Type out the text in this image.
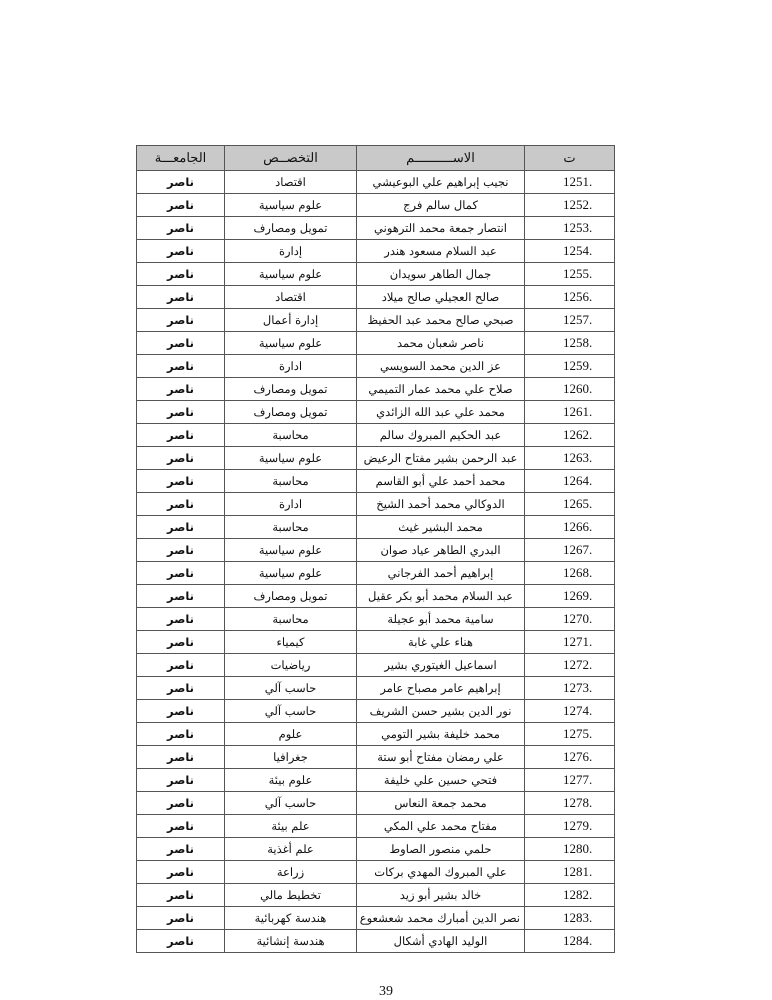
ت	الاســــــــــم	التخصــص	الجامعـــة
1251.	نجيب إبراهيم علي البوعيشي	اقتصاد	ناصر
1252.	كمال سالم فرج	علوم سياسية	ناصر
1253.	انتصار جمعة محمد الترهوني	تمويل ومصارف	ناصر
1254.	عبد السلام مسعود هندر	إدارة	ناصر
1255.	جمال الطاهر سويدان	علوم سياسية	ناصر
1256.	صالح العجيلي صالح ميلاد	اقتصاد	ناصر
1257.	صبحي صالح محمد عبد الحفيظ	إدارة أعمال	ناصر
1258.	ناصر شعبان محمد	علوم سياسية	ناصر
1259.	عز الدين محمد السويسي	ادارة	ناصر
1260.	صلاح علي محمد عمار التميمي	تمويل ومصارف	ناصر
1261.	محمد علي عبد الله الزائدي	تمويل ومصارف	ناصر
1262.	عبد الحكيم المبروك سالم	محاسبة	ناصر
1263.	عبد الرحمن بشير مفتاح الرعيض	علوم سياسية	ناصر
1264.	محمد أحمد علي أبو القاسم	محاسبة	ناصر
1265.	الدوكالي محمد أحمد الشيخ	ادارة	ناصر
1266.	محمد البشير غيث	محاسبة	ناصر
1267.	البدري الطاهر عياد صوان	علوم سياسية	ناصر
1268.	إبراهيم أحمد الفرجاني	علوم سياسية	ناصر
1269.	عبد السلام محمد أبو بكر عقيل	تمويل ومصارف	ناصر
1270.	سامية محمد أبو عجيلة	محاسبة	ناصر
1271.	هناء علي غابة	كيمياء	ناصر
1272.	اسماعيل الغيتوري بشير	رياضيات	ناصر
1273.	إبراهيم عامر مصباح عامر	حاسب آلي	ناصر
1274.	نور الدين بشير حسن الشريف	حاسب آلي	ناصر
1275.	محمد خليفة بشير التومي	علوم	ناصر
1276.	علي رمضان مفتاح أبو ستة	جغرافيا	ناصر
1277.	فتحي حسين علي خليفة	علوم بيئة	ناصر
1278.	محمد جمعة النعاس	حاسب آلي	ناصر
1279.	مفتاح محمد علي المكي	علم بيئة	ناصر
1280.	حلمي منصور الصاوط	علم أغذية	ناصر
1281.	علي المبروك المهدي بركات	زراعة	ناصر
1282.	خالد بشير أبو زيد	تخطيط مالي	ناصر
1283.	نصر الدين أمبارك محمد شعشعوع	هندسة كهربائية	ناصر
1284.	الوليد الهادي أشكال	هندسة إنشائية	ناصر
39
